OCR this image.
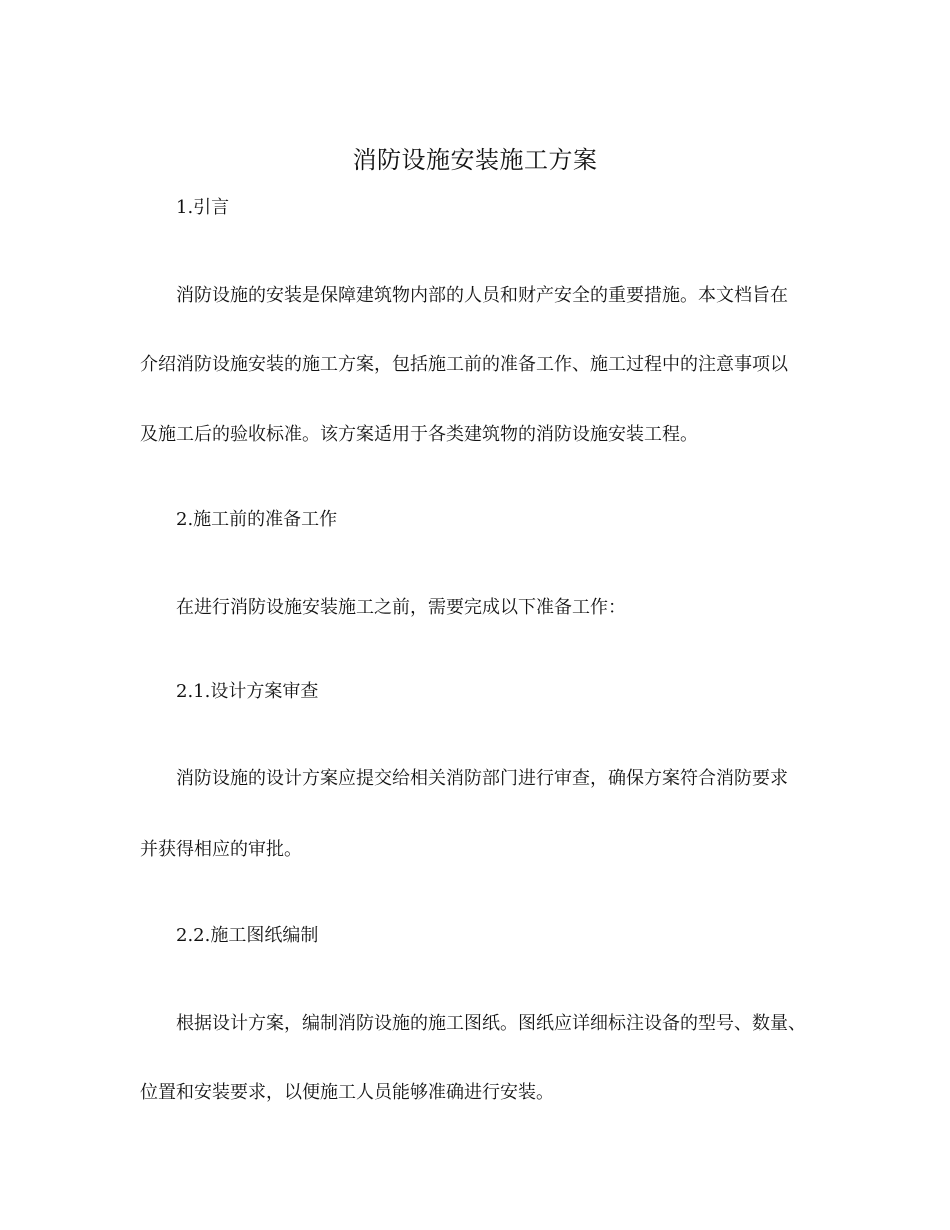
消防设施安装施工方案
1.引言
消防设施的安装是保障建筑物内部的人员和财产安全的重要措施。本文档旨在
介绍消防设施安装的施工方案，包括施工前的准备工作、施工过程中的注意事项以
及施工后的验收标准。该方案适用于各类建筑物的消防设施安装工程。
2.施工前的准备工作
在进行消防设施安装施工之前，需要完成以下准备工作：
2.1.设计方案审查
消防设施的设计方案应提交给相关消防部门进行审查，确保方案符合消防要求
并获得相应的审批。
2.2.施工图纸编制
根据设计方案，编制消防设施的施工图纸。图纸应详细标注设备的型号、数量、
位置和安装要求，以便施工人员能够准确进行安装。
